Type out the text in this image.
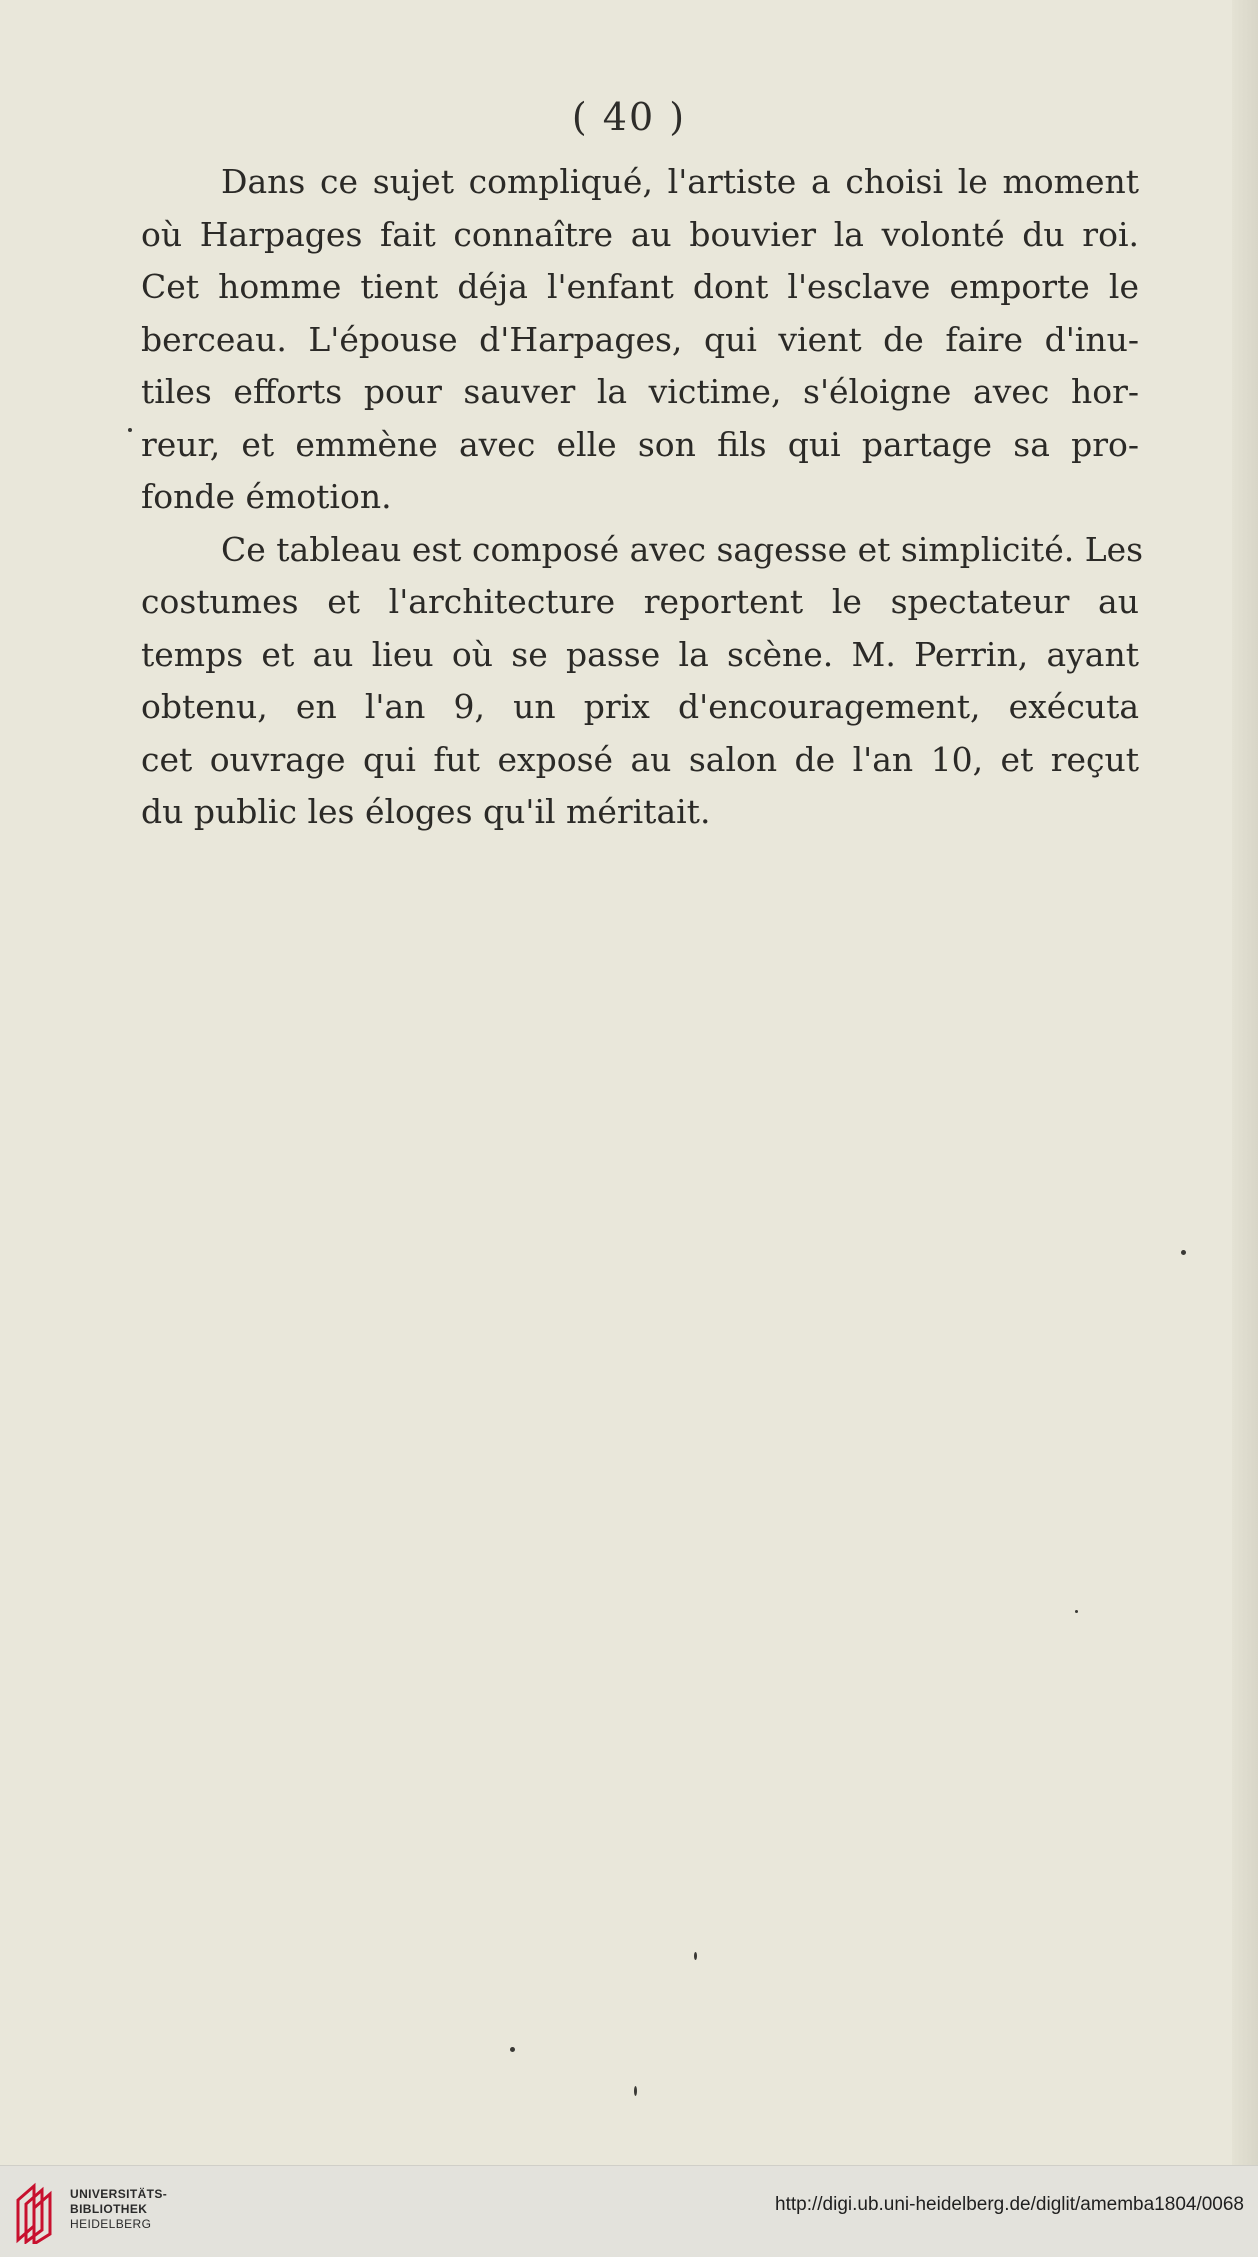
( 40 )

Dans ce sujet compliqué, l'artiste a choisi le moment
où Harpages fait connaître au bouvier la volonté du roi.
Cet homme tient déja l'enfant dont l'esclave emporte le
berceau. L'épouse d'Harpages, qui vient de faire d'inu-
tiles efforts pour sauver la victime, s'éloigne avec hor-
reur, et emmène avec elle son fils qui partage sa pro-
fonde émotion.

Ce tableau est composé avec sagesse et simplicité. Les
costumes et l'architecture reportent le spectateur au
temps et au lieu où se passe la scène. M. Perrin, ayant
obtenu, en l'an 9, un prix d'encouragement, exécuta
cet ouvrage qui fut exposé au salon de l'an 10, et reçut
du public les éloges qu'il méritait.

UNIVERSITÄTS-
BIBLIOTHEK
HEIDELBERG
http://digi.ub.uni-heidelberg.de/diglit/amemba1804/0068
